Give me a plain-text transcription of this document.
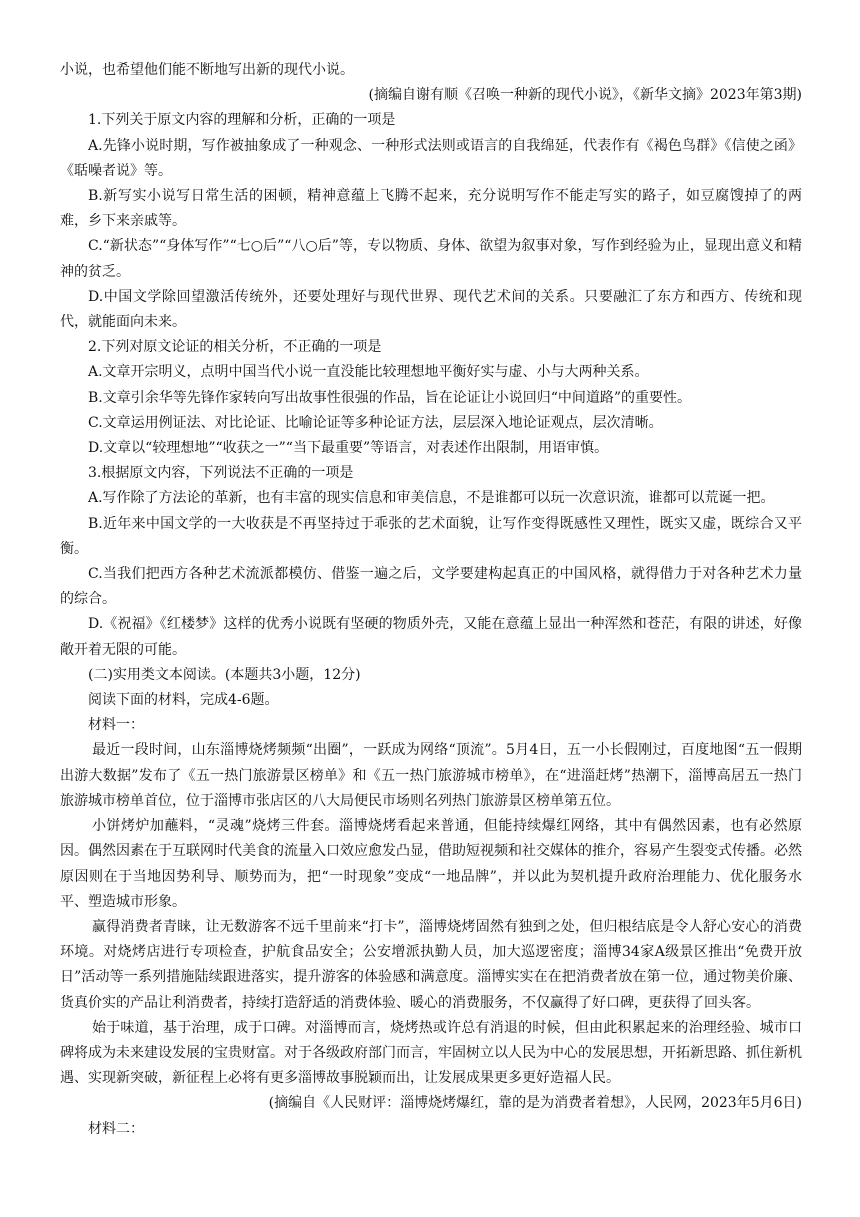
小说，也希望他们能不断地写出新的现代小说。

(摘编自谢有顺《召唤一种新的现代小说》，《新华文摘》2023年第3期)

1.下列关于原文内容的理解和分析，正确的一项是

A.先锋小说时期，写作被抽象成了一种观念、一种形式法则或语言的自我绵延，代表作有《褐色鸟群》《信使之函》《聒噪者说》等。

B.新写实小说写日常生活的困顿，精神意蕴上飞腾不起来，充分说明写作不能走写实的路子，如豆腐馊掉了的两难，乡下来亲戚等。

C.“新状态”“身体写作”“七○后”“八○后”等，专以物质、身体、欲望为叙事对象，写作到经验为止，显现出意义和精神的贫乏。

D.中国文学除回望激活传统外，还要处理好与现代世界、现代艺术间的关系。只要融汇了东方和西方、传统和现代，就能面向未来。

2.下列对原文论证的相关分析，不正确的一项是

A.文章开宗明义，点明中国当代小说一直没能比较理想地平衡好实与虚、小与大两种关系。

B.文章引余华等先锋作家转向写出故事性很强的作品，旨在论证让小说回归“中间道路”的重要性。

C.文章运用例证法、对比论证、比喻论证等多种论证方法，层层深入地论证观点，层次清晰。

D.文章以“较理想地”“收获之一”“当下最重要”等语言，对表述作出限制，用语审慎。

3.根据原文内容，下列说法不正确的一项是

A.写作除了方法论的革新，也有丰富的现实信息和审美信息，不是谁都可以玩一次意识流，谁都可以荒诞一把。

B.近年来中国文学的一大收获是不再坚持过于乖张的艺术面貌，让写作变得既感性又理性，既实又虚，既综合又平衡。

C.当我们把西方各种艺术流派都模仿、借鉴一遍之后，文学要建构起真正的中国风格，就得借力于对各种艺术力量的综合。

D.《祝福》《红楼梦》这样的优秀小说既有坚硬的物质外壳，又能在意蕴上显出一种浑然和苍茫，有限的讲述，好像敞开着无限的可能。

(二)实用类文本阅读。(本题共3小题，12分)

阅读下面的材料，完成4-6题。

材料一：

最近一段时间，山东淄博烧烤频频“出圈”，一跃成为网络“顶流”。5月4日，五一小长假刚过，百度地图“五一假期出游大数据”发布了《五一热门旅游景区榜单》和《五一热门旅游城市榜单》，在“进淄赶烤”热潮下，淄博高居五一热门旅游城市榜单首位，位于淄博市张店区的八大局便民市场则名列热门旅游景区榜单第五位。

小饼烤炉加蘸料，“灵魂”烧烤三件套。淄博烧烤看起来普通，但能持续爆红网络，其中有偶然因素，也有必然原因。偶然因素在于互联网时代美食的流量入口效应愈发凸显，借助短视频和社交媒体的推介，容易产生裂变式传播。必然原因则在于当地因势利导、顺势而为，把“一时现象”变成“一地品牌”，并以此为契机提升政府治理能力、优化服务水平、塑造城市形象。

赢得消费者青睐，让无数游客不远千里前来“打卡”，淄博烧烤固然有独到之处，但归根结底是令人舒心安心的消费环境。对烧烤店进行专项检查，护航食品安全；公安增派执勤人员，加大巡逻密度；淄博34家A级景区推出“免费开放日”活动等一系列措施陆续跟进落实，提升游客的体验感和满意度。淄博实实在在把消费者放在第一位，通过物美价廉、货真价实的产品让利消费者，持续打造舒适的消费体验、暖心的消费服务，不仅赢得了好口碑，更获得了回头客。

始于味道，基于治理，成于口碑。对淄博而言，烧烤热或许总有消退的时候，但由此积累起来的治理经验、城市口碑将成为未来建设发展的宝贵财富。对于各级政府部门而言，牢固树立以人民为中心的发展思想，开拓新思路、抓住新机遇、实现新突破，新征程上必将有更多淄博故事脱颖而出，让发展成果更多更好造福人民。

(摘编自《人民财评：淄博烧烤爆红，靠的是为消费者着想》，人民网，2023年5月6日)

材料二：
